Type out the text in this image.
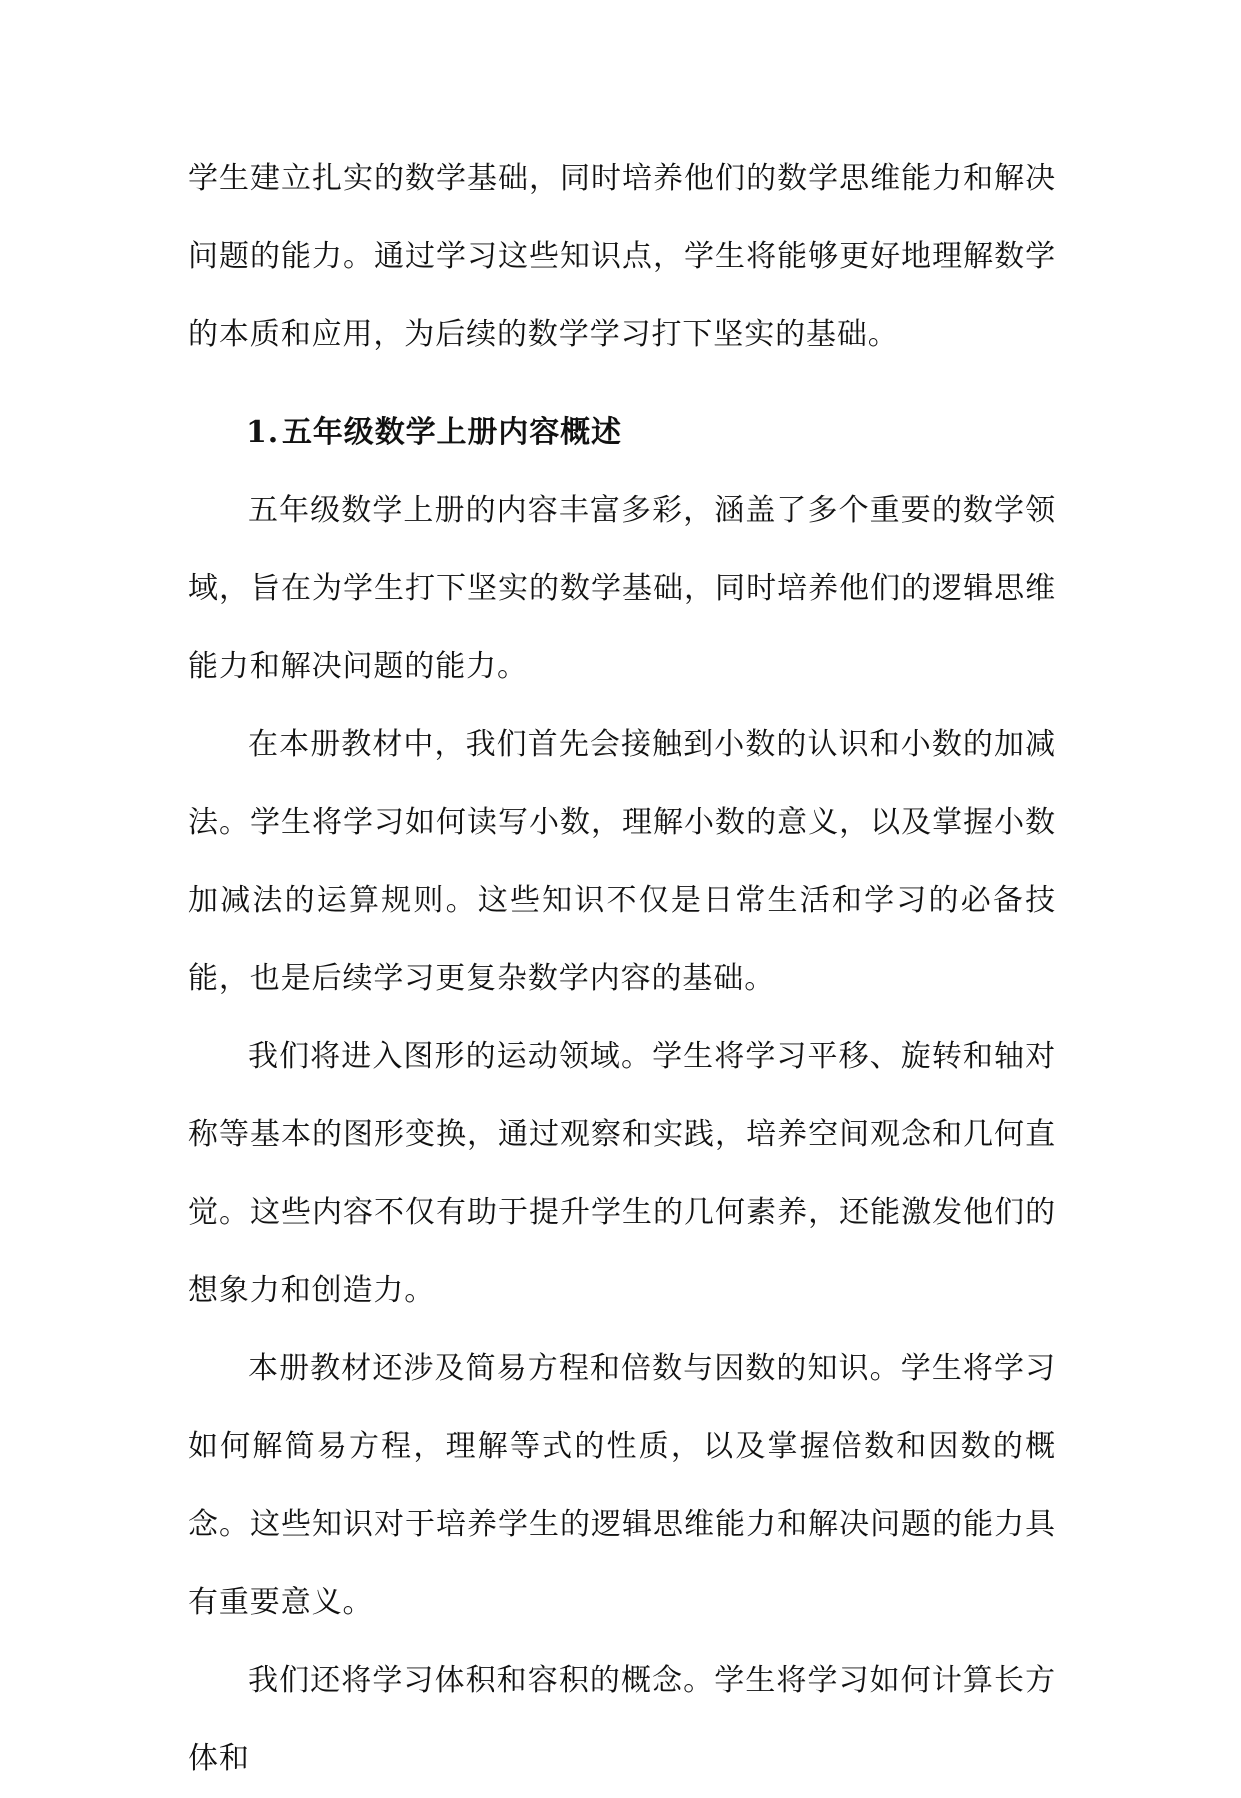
学生建立扎实的数学基础，同时培养他们的数学思维能力和解决问题的能力。通过学习这些知识点，学生将能够更好地理解数学的本质和应用，为后续的数学学习打下坚实的基础。

1.五年级数学上册内容概述

五年级数学上册的内容丰富多彩，涵盖了多个重要的数学领域，旨在为学生打下坚实的数学基础，同时培养他们的逻辑思维能力和解决问题的能力。

在本册教材中，我们首先会接触到小数的认识和小数的加减法。学生将学习如何读写小数，理解小数的意义，以及掌握小数加减法的运算规则。这些知识不仅是日常生活和学习的必备技能，也是后续学习更复杂数学内容的基础。

我们将进入图形的运动领域。学生将学习平移、旋转和轴对称等基本的图形变换，通过观察和实践，培养空间观念和几何直觉。这些内容不仅有助于提升学生的几何素养，还能激发他们的想象力和创造力。

本册教材还涉及简易方程和倍数与因数的知识。学生将学习如何解简易方程，理解等式的性质，以及掌握倍数和因数的概念。这些知识对于培养学生的逻辑思维能力和解决问题的能力具有重要意义。

我们还将学习体积和容积的概念。学生将学习如何计算长方体和
